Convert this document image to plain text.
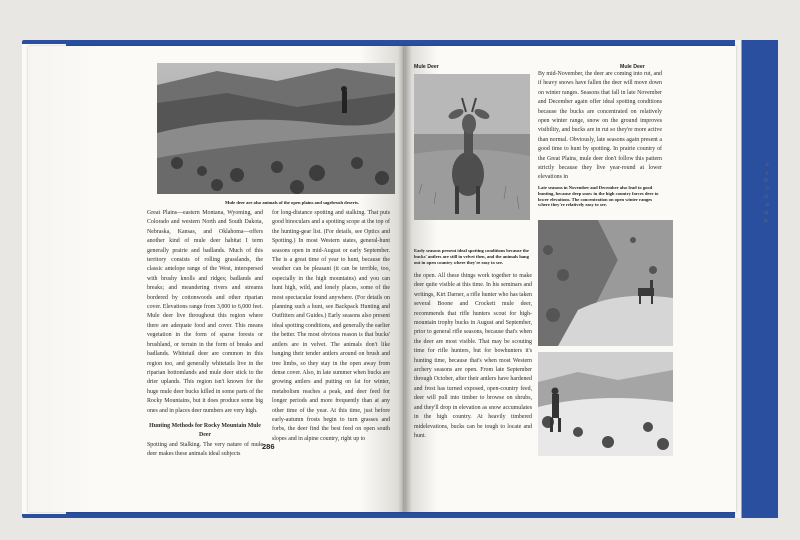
e
y
fo
o
st
a
al
ts

Mule deer are also animals of the open plains and sagebrush deserts.

Great Plains—eastern Montana, Wyoming, and Colorado and western North and South Dakota, Nebraska, Kansas, and Oklahoma—offers another kind of mule deer habitat I term generally prairie and badlands. Much of this territory consists of rolling grasslands, the classic antelope range of the West, interspersed with brushy knolls and ridges; badlands and breaks; and meandering rivers and streams bordered by cottonwoods and other riparian cover. Elevations range from 3,000 to 6,000 feet. Mule deer live throughout this region where there are adequate food and cover. This means vegetation in the form of sparse forests or brushland, or terrain in the form of breaks and badlands. Whitetail deer are common in this region too, and generally whitetails live in the riparian bottomlands and mule deer stick to the drier uplands. This region isn't known for the huge mule deer bucks killed in some parts of the Rocky Mountains, but it does produce some big ones and in places deer numbers are very high.

Hunting Methods for Rocky Mountain Mule Deer

Spotting and Stalking. The very nature of mule deer makes these animals ideal subjects

for long-distance spotting and stalking. That puts good binoculars and a spotting scope at the top of the hunting-gear list. (For details, see Optics and Spotting.) In most Western states, general-hunt seasons open in mid-August or early September. The is a great time of year to hunt, because the weather can be pleasant (it can be terrible, too, especially in the high mountains) and you can hunt high, wild, and lonely places, some of the most spectacular found anywhere. (For details on planning such a hunt, see Backpack Hunting and Outfitters and Guides.) Early seasons also present ideal spotting conditions, and generally the earlier the better. The most obvious reason is that bucks' antlers are in velvet. The animals don't like banging their tender antlers around on brush and tree limbs, so they stay in the open away from dense cover. Also, in late summer when bucks are growing antlers and putting on fat for winter, metabolism reaches a peak, and deer feed for longer periods and more frequently than at any other time of the year. At this time, just before early-autumn frosts begin to turn grasses and forbs, the deer find the best feed on open south slopes and in alpine country, right up to

286
Mule Deer	Mule Deer

Early seasons present ideal spotting conditions because the bucks' antlers are still in velvet then, and the animals hang out in open country where they're easy to see.

the open. All these things work together to make deer quite visible at this time. In his seminars and writings, Kirt Darner, a rifle hunter who has taken several Boone and Crockett mule deer, recommends that rifle hunters scout for high-mountain trophy bucks in August and September, prior to general rifle seasons, because that's when the deer are most visible. That may be scouting time for rifle hunters, but for bowhunters it's hunting time, because that's when most Western archery seasons are open. From late September through October, after their antlers have hardened and frost has turned exposed, open-country feed, deer will pull into timber to browse on shrubs, and they'll drop in elevation as snow accumulates in the high country. At heavily timbered midelevations, bucks can be tough to locate and hunt.

By mid-November, the deer are coming into rut, and if heavy snows have fallen the deer will move down on winter ranges. Seasons that fall in late November and December again offer ideal spotting conditions because the bucks are concentrated on relatively open winter range, snow on the ground improves visibility, and bucks are in rut so they're more active than normal. Obviously, late seasons again present a good time to hunt by spotting. In prairie country of the Great Plains, mule deer don't follow this pattern strictly because they live year-round at lower elevations in

Late seasons in November and December also lead to good hunting, because deep snow in the high country forces deer to lower elevations. The concentration on open winter ranges where they're relatively easy to see.
